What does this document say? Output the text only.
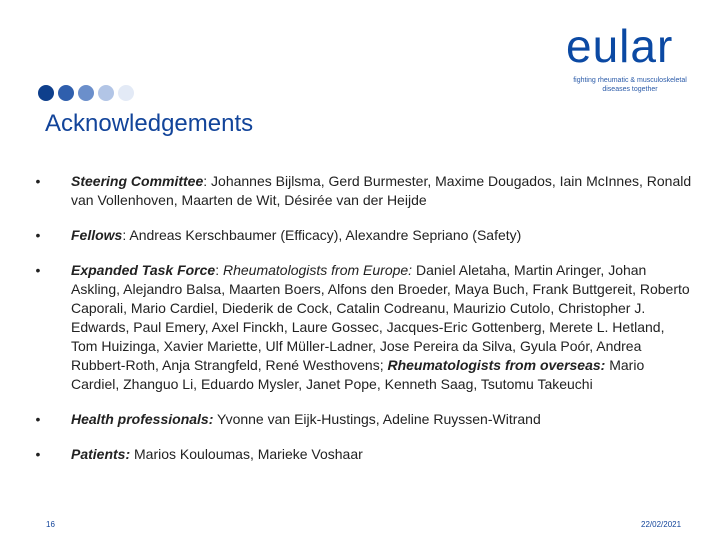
eular
fighting rheumatic & musculoskeletal
diseases together
Acknowledgements
• Steering Committee: Johannes Bijlsma, Gerd Burmester, Maxime Dougados, Iain McInnes, Ronald van Vollenhoven, Maarten de Wit, Désirée van der Heijde
• Fellows: Andreas Kerschbaumer (Efficacy), Alexandre Sepriano (Safety)
• Expanded Task Force: Rheumatologists from Europe: Daniel Aletaha, Martin Aringer, Johan Askling, Alejandro Balsa, Maarten Boers, Alfons den Broeder, Maya Buch, Frank Buttgereit, Roberto Caporali, Mario Cardiel, Diederik de Cock, Catalin Codreanu, Maurizio Cutolo, Christopher J. Edwards, Paul Emery, Axel Finckh, Laure Gossec, Jacques-Eric Gottenberg, Merete L. Hetland, Tom Huizinga, Xavier Mariette, Ulf Müller-Ladner, Jose Pereira da Silva, Gyula Poór, Andrea Rubbert-Roth, Anja Strangfeld, René Westhovens; Rheumatologists from overseas: Mario Cardiel, Zhanguo Li, Eduardo Mysler, Janet Pope, Kenneth Saag, Tsutomu Takeuchi
• Health professionals: Yvonne van Eijk-Hustings, Adeline Ruyssen-Witrand
• Patients: Marios Kouloumas, Marieke Voshaar
16	22/02/2021
